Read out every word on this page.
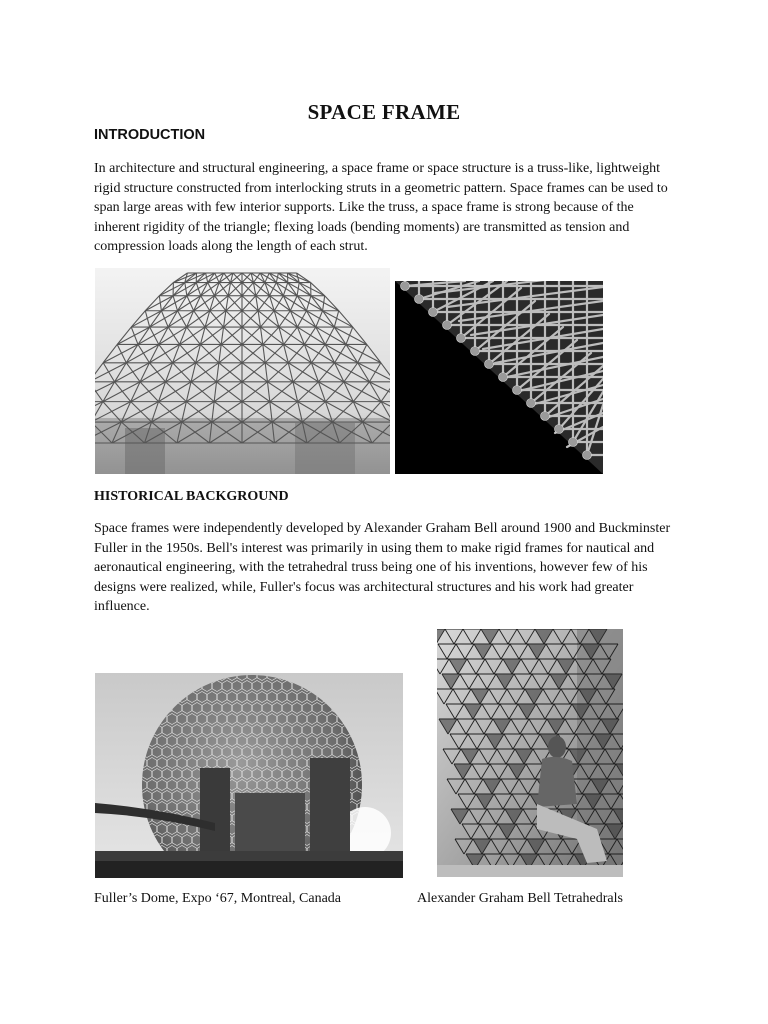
SPACE FRAME
INTRODUCTION

In architecture and structural engineering, a space frame or space structure is a truss-like, lightweight rigid structure constructed from interlocking struts in a geometric pattern. Space frames can be used to span large areas with few interior supports. Like the truss, a space frame is strong because of the inherent rigidity of the triangle; flexing loads (bending moments) are transmitted as tension and compression loads along the length of each strut.

HISTORICAL BACKGROUND

Space frames were independently developed by Alexander Graham Bell around 1900 and Buckminster Fuller in the 1950s. Bell's interest was primarily in using them to make rigid frames for nautical and aeronautical engineering, with the tetrahedral truss being one of his inventions, however few of his designs were realized, while, Fuller's focus was architectural structures and his work had greater influence.

Fuller’s Dome, Expo ‘67, Montreal, Canada	Alexander Graham Bell Tetrahedrals
